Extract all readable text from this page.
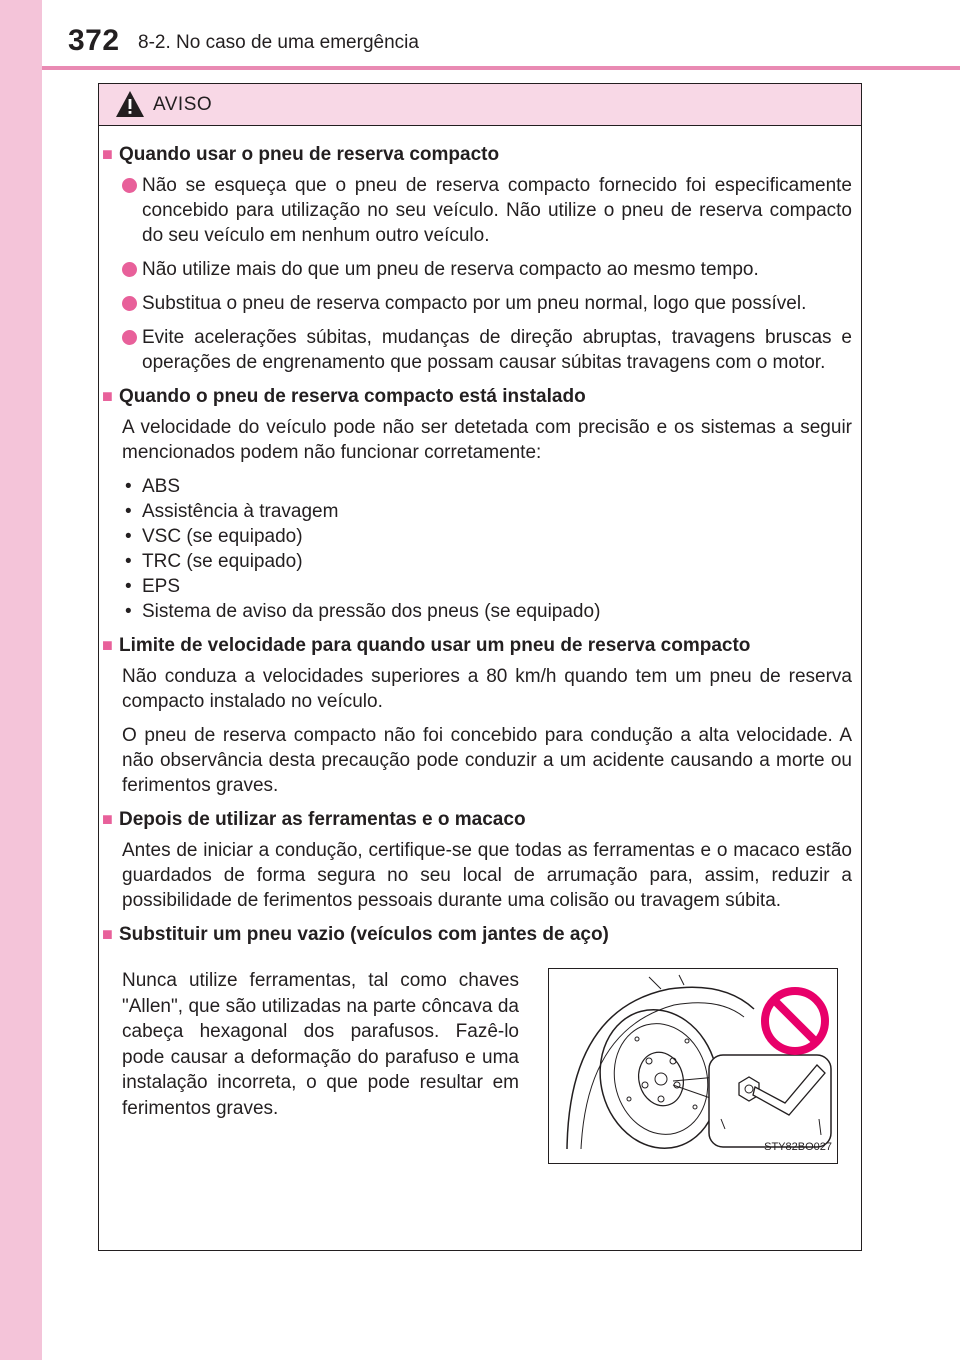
372 8-2. No caso de uma emergência
AVISO
■ Quando usar o pneu de reserva compacto
Não se esqueça que o pneu de reserva compacto fornecido foi especificamente concebido para utilização no seu veículo. Não utilize o pneu de reserva compacto do seu veículo em nenhum outro veículo.
Não utilize mais do que um pneu de reserva compacto ao mesmo tempo.
Substitua o pneu de reserva compacto por um pneu normal, logo que possível.
Evite acelerações súbitas, mudanças de direção abruptas, travagens bruscas e operações de engrenamento que possam causar súbitas travagens com o motor.
■ Quando o pneu de reserva compacto está instalado
A velocidade do veículo pode não ser detetada com precisão e os sistemas a seguir mencionados podem não funcionar corretamente:
• ABS
• Assistência à travagem
• VSC (se equipado)
• TRC (se equipado)
• EPS
• Sistema de aviso da pressão dos pneus (se equipado)
■ Limite de velocidade para quando usar um pneu de reserva compacto
Não conduza a velocidades superiores a 80 km/h quando tem um pneu de reserva compacto instalado no veículo.
O pneu de reserva compacto não foi concebido para condução a alta velocidade. A não observância desta precaução pode conduzir a um acidente causando a morte ou ferimentos graves.
■ Depois de utilizar as ferramentas e o macaco
Antes de iniciar a condução, certifique-se que todas as ferramentas e o macaco estão guardados de forma segura no seu local de arrumação para, assim, reduzir a possibilidade de ferimentos pessoais durante uma colisão ou travagem súbita.
■ Substituir um pneu vazio (veículos com jantes de aço)
Nunca utilize ferramentas, tal como chaves "Allen", que são utilizadas na parte côncava da cabeça hexagonal dos parafusos. Fazê-lo pode causar a deformação do parafuso e uma instalação incorreta, o que pode resultar em ferimentos graves.
STY82BO027
